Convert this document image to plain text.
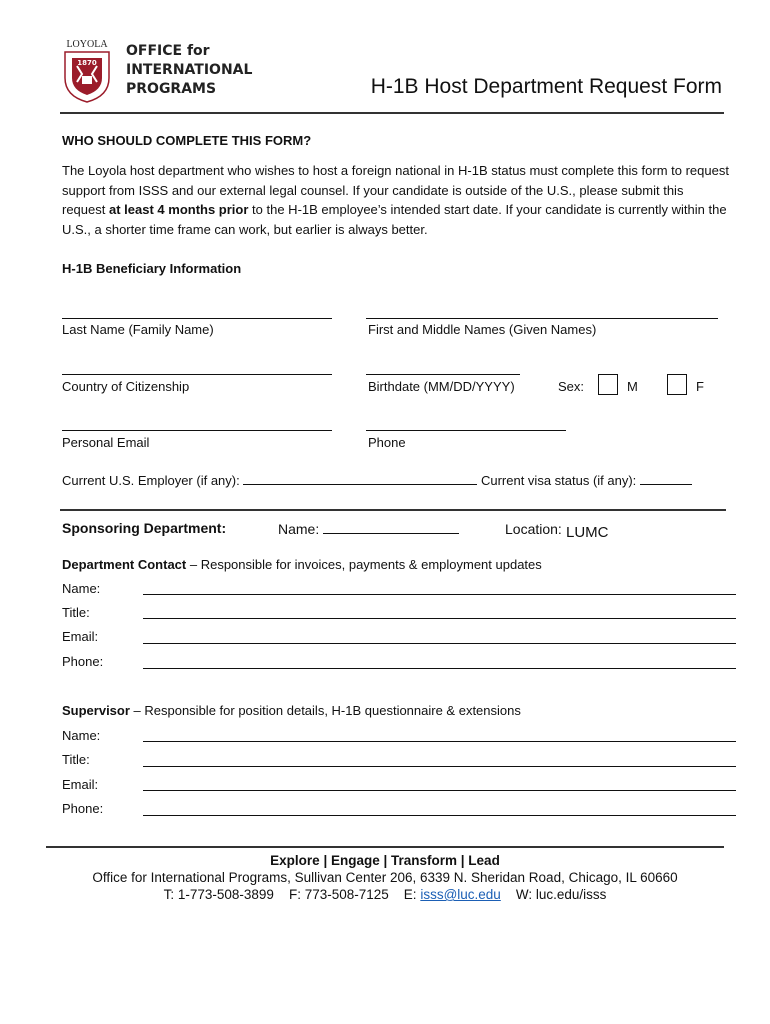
LOYOLA
1870
OFFICE for
INTERNATIONAL
PROGRAMS	H-1B Host Department Request Form
WHO SHOULD COMPLETE THIS FORM?
The Loyola host department who wishes to host a foreign national in H-1B status must complete this form to request support from ISSS and our external legal counsel. If your candidate is outside of the U.S., please submit this request at least 4 months prior to the H-1B employee’s intended start date. If your candidate is currently within the U.S., a shorter time frame can work, but earlier is always better.
H-1B Beneficiary Information
Last Name (Family Name)	First and Middle Names (Given Names)
Country of Citizenship	Birthdate (MM/DD/YYYY)	Sex:	M	F
Personal Email	Phone
Current U.S. Employer (if any):	Current visa status (if any):
Sponsoring Department:	Name:	Location: LUMC
Department Contact – Responsible for invoices, payments & employment updates
Name:
Title:
Email:
Phone:
Supervisor – Responsible for position details, H-1B questionnaire & extensions
Name:
Title:
Email:
Phone:
Explore | Engage | Transform | Lead
Office for International Programs, Sullivan Center 206, 6339 N. Sheridan Road, Chicago, IL 60660
T: 1-773-508-3899 F: 773-508-7125 E: isss@luc.edu W: luc.edu/isss
